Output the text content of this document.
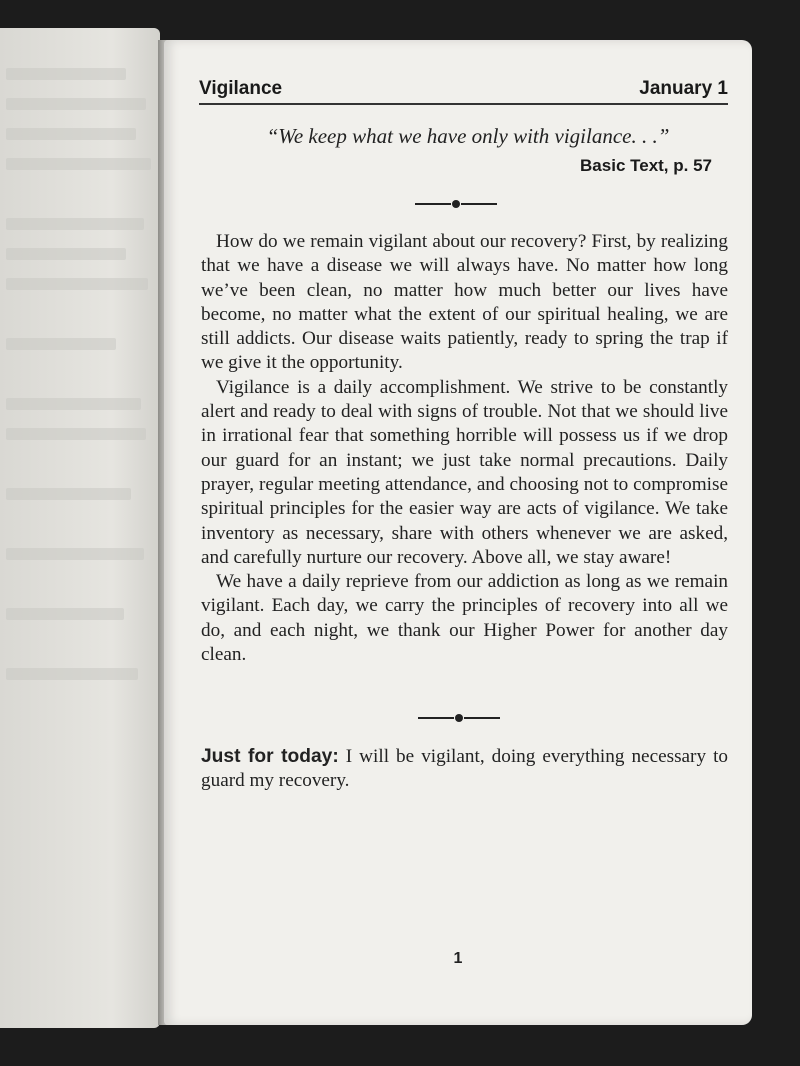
Vigilance	January 1
“We keep what we have only with vigilance. . .”
Basic Text, p. 57

How do we remain vigilant about our recovery? First, by realizing that we have a disease we will always have. No matter how long we’ve been clean, no matter how much better our lives have become, no matter what the extent of our spiritual healing, we are still addicts. Our disease waits patiently, ready to spring the trap if we give it the opportunity.

Vigilance is a daily accomplishment. We strive to be constantly alert and ready to deal with signs of trouble. Not that we should live in irrational fear that something horrible will possess us if we drop our guard for an instant; we just take normal precautions. Daily prayer, regular meeting attendance, and choosing not to compromise spiritual principles for the easier way are acts of vigilance. We take inventory as necessary, share with others whenever we are asked, and carefully nurture our recovery. Above all, we stay aware!

We have a daily reprieve from our addiction as long as we remain vigilant. Each day, we carry the principles of recovery into all we do, and each night, we thank our Higher Power for another day clean.

Just for today: I will be vigilant, doing everything necessary to guard my recovery.
1
